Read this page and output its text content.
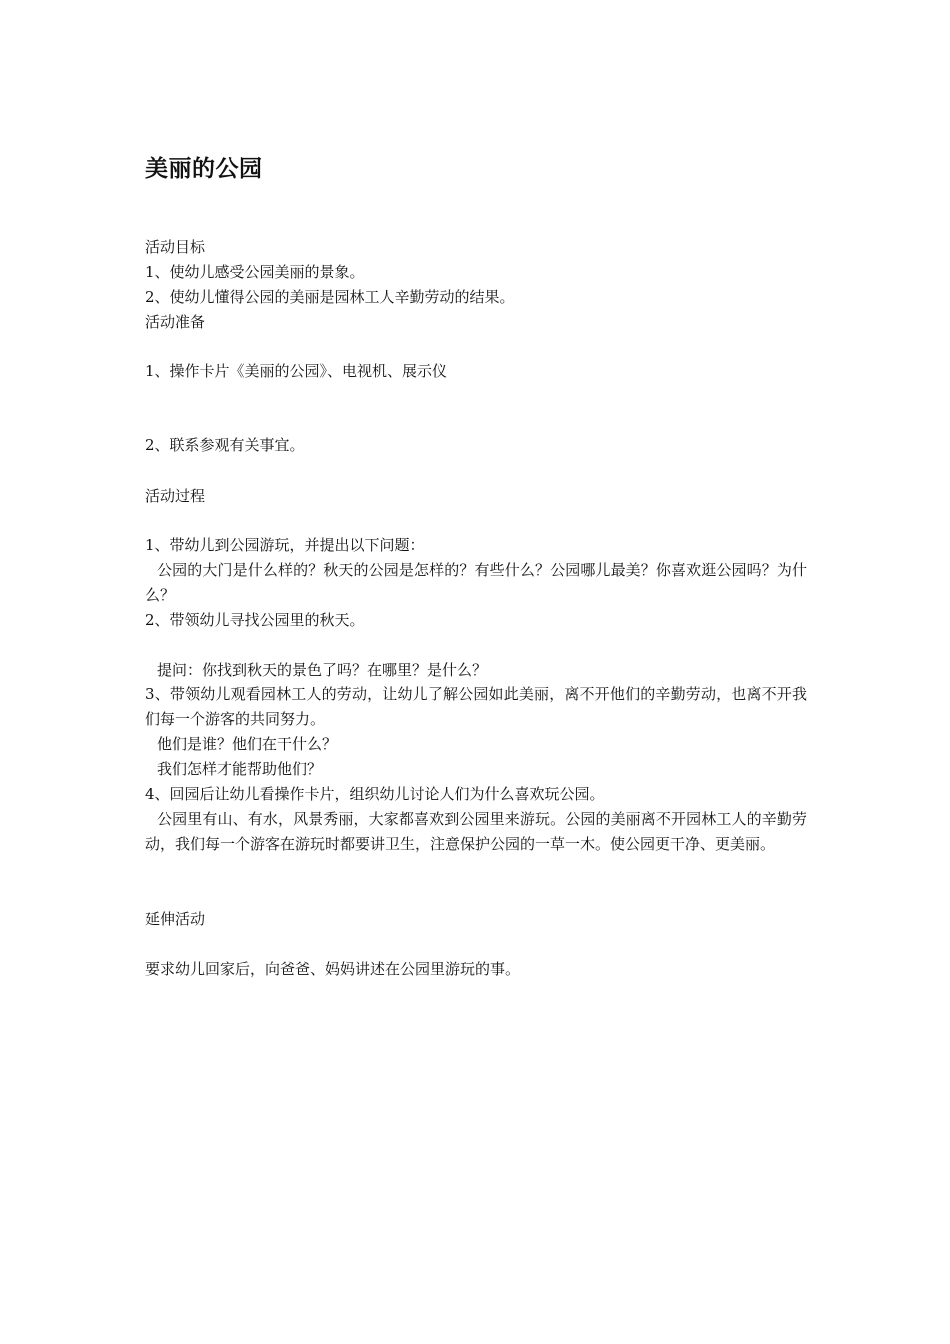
美丽的公园

活动目标

1、使幼儿感受公园美丽的景象。

2、使幼儿懂得公园的美丽是园林工人辛勤劳动的结果。

活动准备

1、操作卡片《美丽的公园》、电视机、展示仪

2、联系参观有关事宜。

活动过程

1、带幼儿到公园游玩，并提出以下问题：

公园的大门是什么样的？秋天的公园是怎样的？有些什么？公园哪儿最美？你喜欢逛公园吗？为什么？

2、带领幼儿寻找公园里的秋天。

提问：你找到秋天的景色了吗？在哪里？是什么？

3、带领幼儿观看园林工人的劳动，让幼儿了解公园如此美丽，离不开他们的辛勤劳动，也离不开我们每一个游客的共同努力。

他们是谁？他们在干什么？

我们怎样才能帮助他们？

4、回园后让幼儿看操作卡片，组织幼儿讨论人们为什么喜欢玩公园。

公园里有山、有水，风景秀丽，大家都喜欢到公园里来游玩。公园的美丽离不开园林工人的辛勤劳动，我们每一个游客在游玩时都要讲卫生，注意保护公园的一草一木。使公园更干净、更美丽。

延伸活动

要求幼儿回家后，向爸爸、妈妈讲述在公园里游玩的事。
